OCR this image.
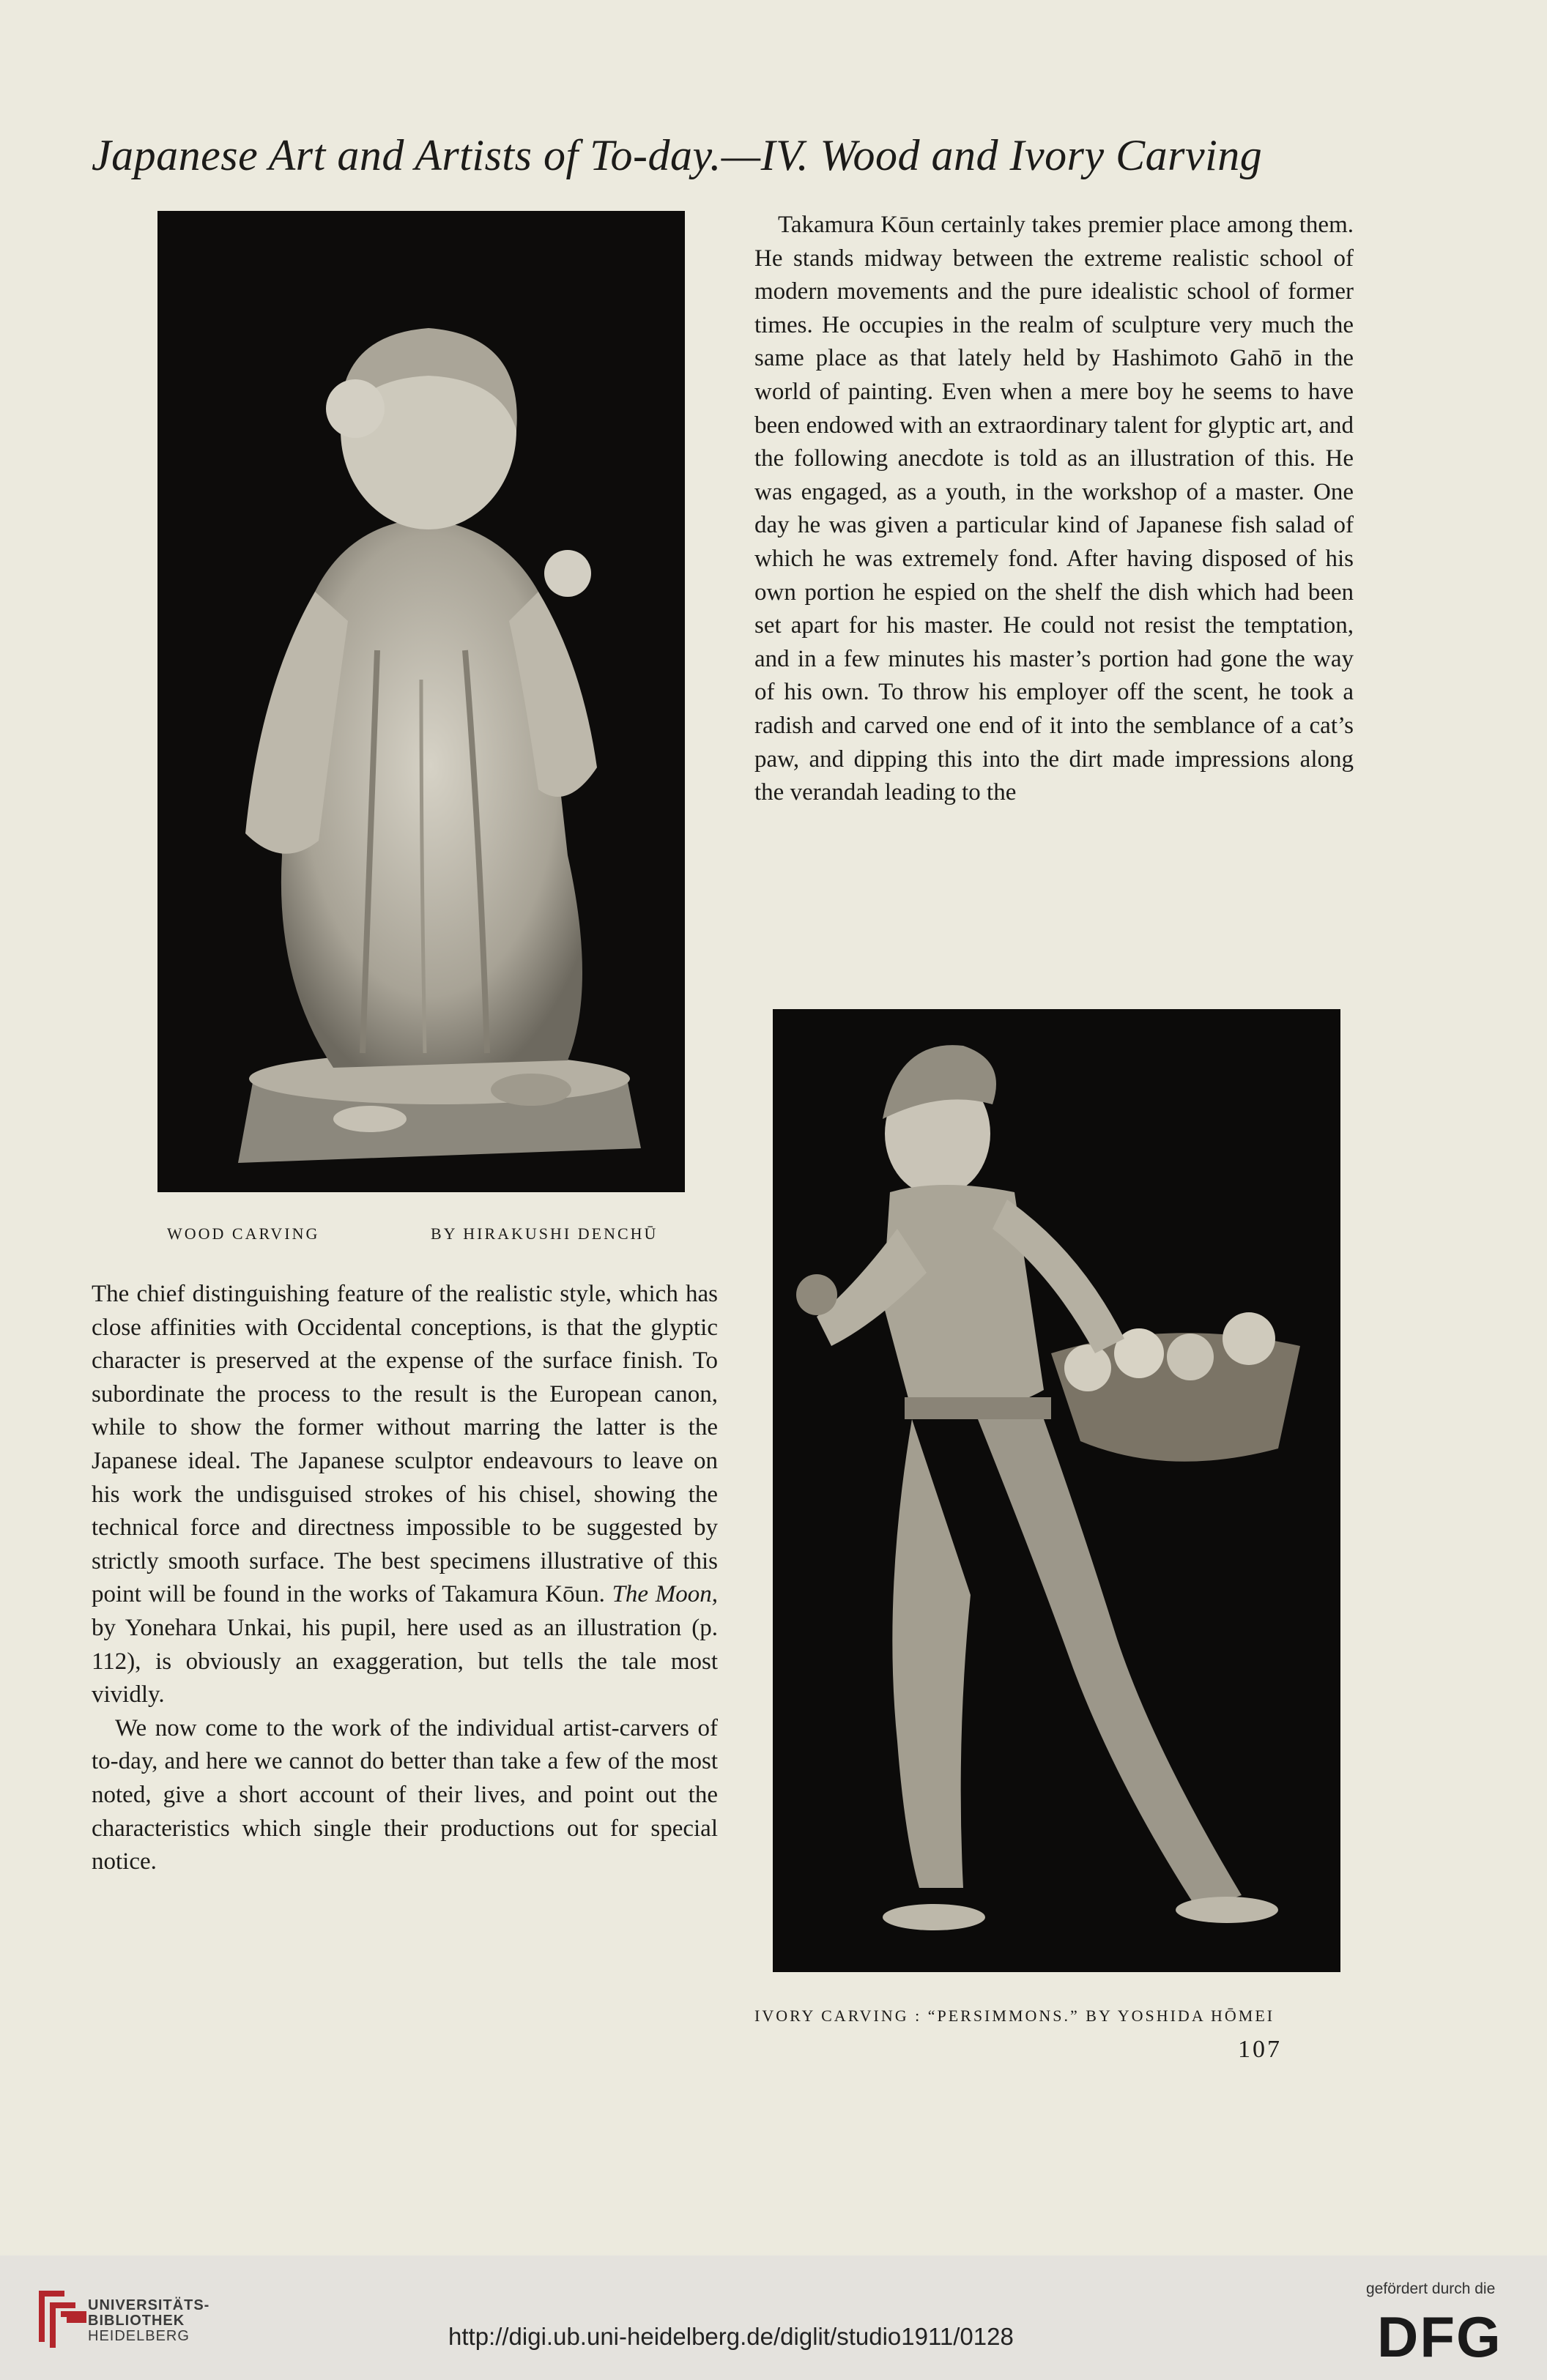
Japanese Art and Artists of To-day.—IV. Wood and Ivory Carving
WOOD CARVING	BY HIRAKUSHI DENCHŪ

Takamura Kōun certainly takes premier place among them. He stands midway between the extreme realistic school of modern movements and the pure idealistic school of former times. He occupies in the realm of sculpture very much the same place as that lately held by Hashimoto Gahō in the world of painting. Even when a mere boy he seems to have been endowed with an extraordinary talent for glyptic art, and the following anecdote is told as an illustration of this. He was engaged, as a youth, in the workshop of a master. One day he was given a particular kind of Japanese fish salad of which he was extremely fond. After having disposed of his own portion he espied on the shelf the dish which had been set apart for his master. He could not resist the temptation, and in a few minutes his master’s portion had gone the way of his own. To throw his employer off the scent, he took a radish and carved one end of it into the semblance of a cat’s paw, and dipping this into the dirt made impressions along the verandah leading to the

IVORY CARVING : “PERSIMMONS.” BY YOSHIDA HŌMEI

The chief distinguishing feature of the realistic style, which has close affinities with Occidental conceptions, is that the glyptic character is preserved at the expense of the surface finish. To subordinate the process to the result is the European canon, while to show the former without marring the latter is the Japanese ideal. The Japanese sculptor endeavours to leave on his work the undisguised strokes of his chisel, showing the technical force and directness impossible to be suggested by strictly smooth surface. The best specimens illustrative of this point will be found in the works of Takamura Kōun. The Moon, by Yonehara Unkai, his pupil, here used as an illustration (p. 112), is obviously an exaggeration, but tells the tale most vividly.

We now come to the work of the individual artist-carvers of to-day, and here we cannot do better than take a few of the most noted, give a short account of their lives, and point out the characteristics which single their productions out for special notice.

107
UNIVERSITÄTS-
BIBLIOTHEK
HEIDELBERG	http://digi.ub.uni-heidelberg.de/diglit/studio1911/0128
gefördert durch die
DFG
